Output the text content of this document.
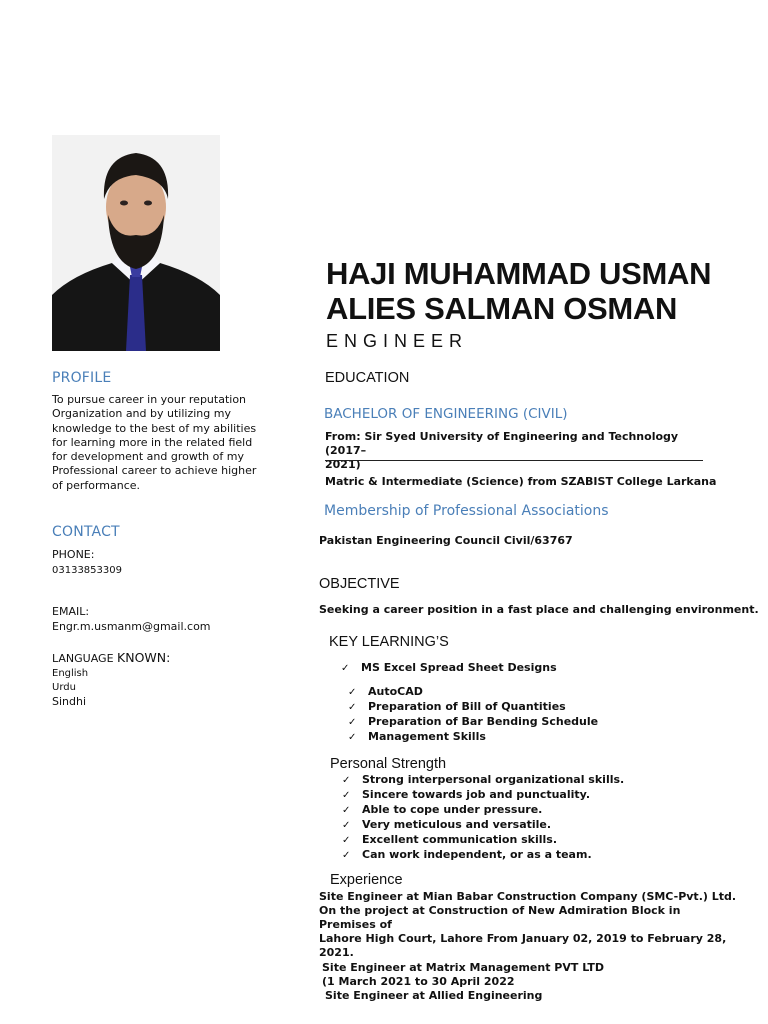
PROFILE
To pursue career in your reputation
Organization and by utilizing my
knowledge to the best of my abilities
for learning more in the related field
for development and growth of my
Professional career to achieve higher
of performance.
CONTACT
PHONE:
03133853309
EMAIL:
Engr.m.usmanm@gmail.com
LANGUAGE KNOWN:
English
Urdu
Sindhi
HAJI MUHAMMAD USMAN
ALIES SALMAN OSMAN
ENGINEER
EDUCATION
BACHELOR OF ENGINEERING (CIVIL)
From: Sir Syed University of Engineering and Technology (2017–
2021)
Matric & Intermediate (Science) from SZABIST College Larkana
Membership of Professional Associations
Pakistan Engineering Council Civil/63767
OBJECTIVE
Seeking a career position in a fast place and challenging environment.
KEY LEARNING’S
✓ MS Excel Spread Sheet Designs
✓	AutoCAD
✓	Preparation of Bill of Quantities
✓	Preparation of Bar Bending Schedule
✓	Management Skills
Personal Strength
✓	Strong interpersonal organizational skills.
✓	Sincere towards job and punctuality.
✓	Able to cope under pressure.
✓	Very meticulous and versatile.
✓	Excellent communication skills.
✓	Can work independent, or as a team.
Experience
Site Engineer at Mian Babar Construction Company (SMC-Pvt.) Ltd.
On the project at Construction of New Admiration Block in Premises of
Lahore High Court, Lahore From January 02, 2019 to February 28,
2021.
Site Engineer at Matrix Management PVT LTD
(1 March 2021 to 30 April 2022
Site Engineer at Allied Engineering
